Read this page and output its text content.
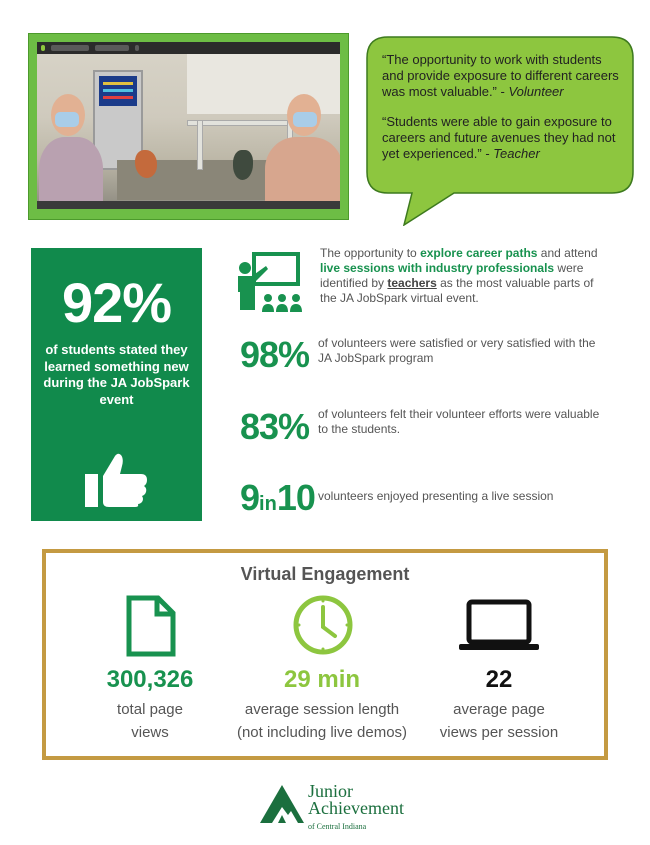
“The opportunity to work with students and provide exposure to different careers was most valuable.” - Volunteer

“Students were able to gain exposure to careers and future avenues they had not yet experienced.” - Teacher

92%
of students stated they learned something new during the JA JobSpark event
The opportunity to explore career paths and attend live sessions with industry professionals were identified by teachers as the most valuable parts of the JA JobSpark virtual event.
98% of volunteers were satisfied or very satisfied with the JA JobSpark program
83% of volunteers felt their volunteer efforts were valuable to the students.
9in10 volunteers enjoyed presenting a live session
Virtual Engagement
300,326
total page
views
29 min
average session length
(not including live demos)
22
average page
views per session
Junior
Achievement
of Central Indiana
